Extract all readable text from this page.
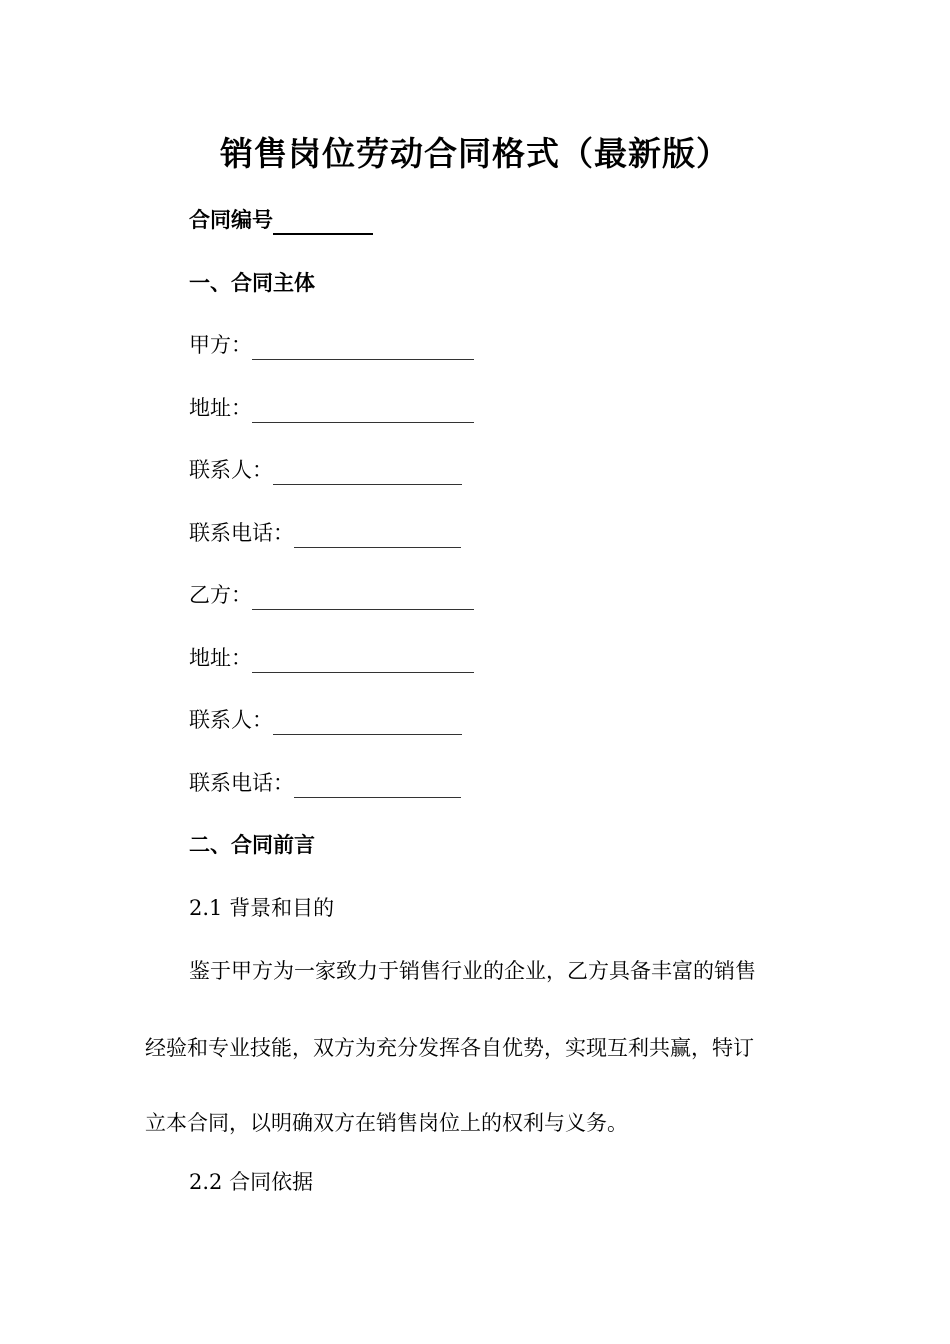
销售岗位劳动合同格式（最新版）
合同编号
一、合同主体
甲方：
地址：
联系人：
联系电话：
乙方：
地址：
联系人：
联系电话：
二、合同前言
2.1 背景和目的
鉴于甲方为一家致力于销售行业的企业，乙方具备丰富的销售
经验和专业技能，双方为充分发挥各自优势，实现互利共赢，特订
立本合同，以明确双方在销售岗位上的权利与义务。
2.2 合同依据
